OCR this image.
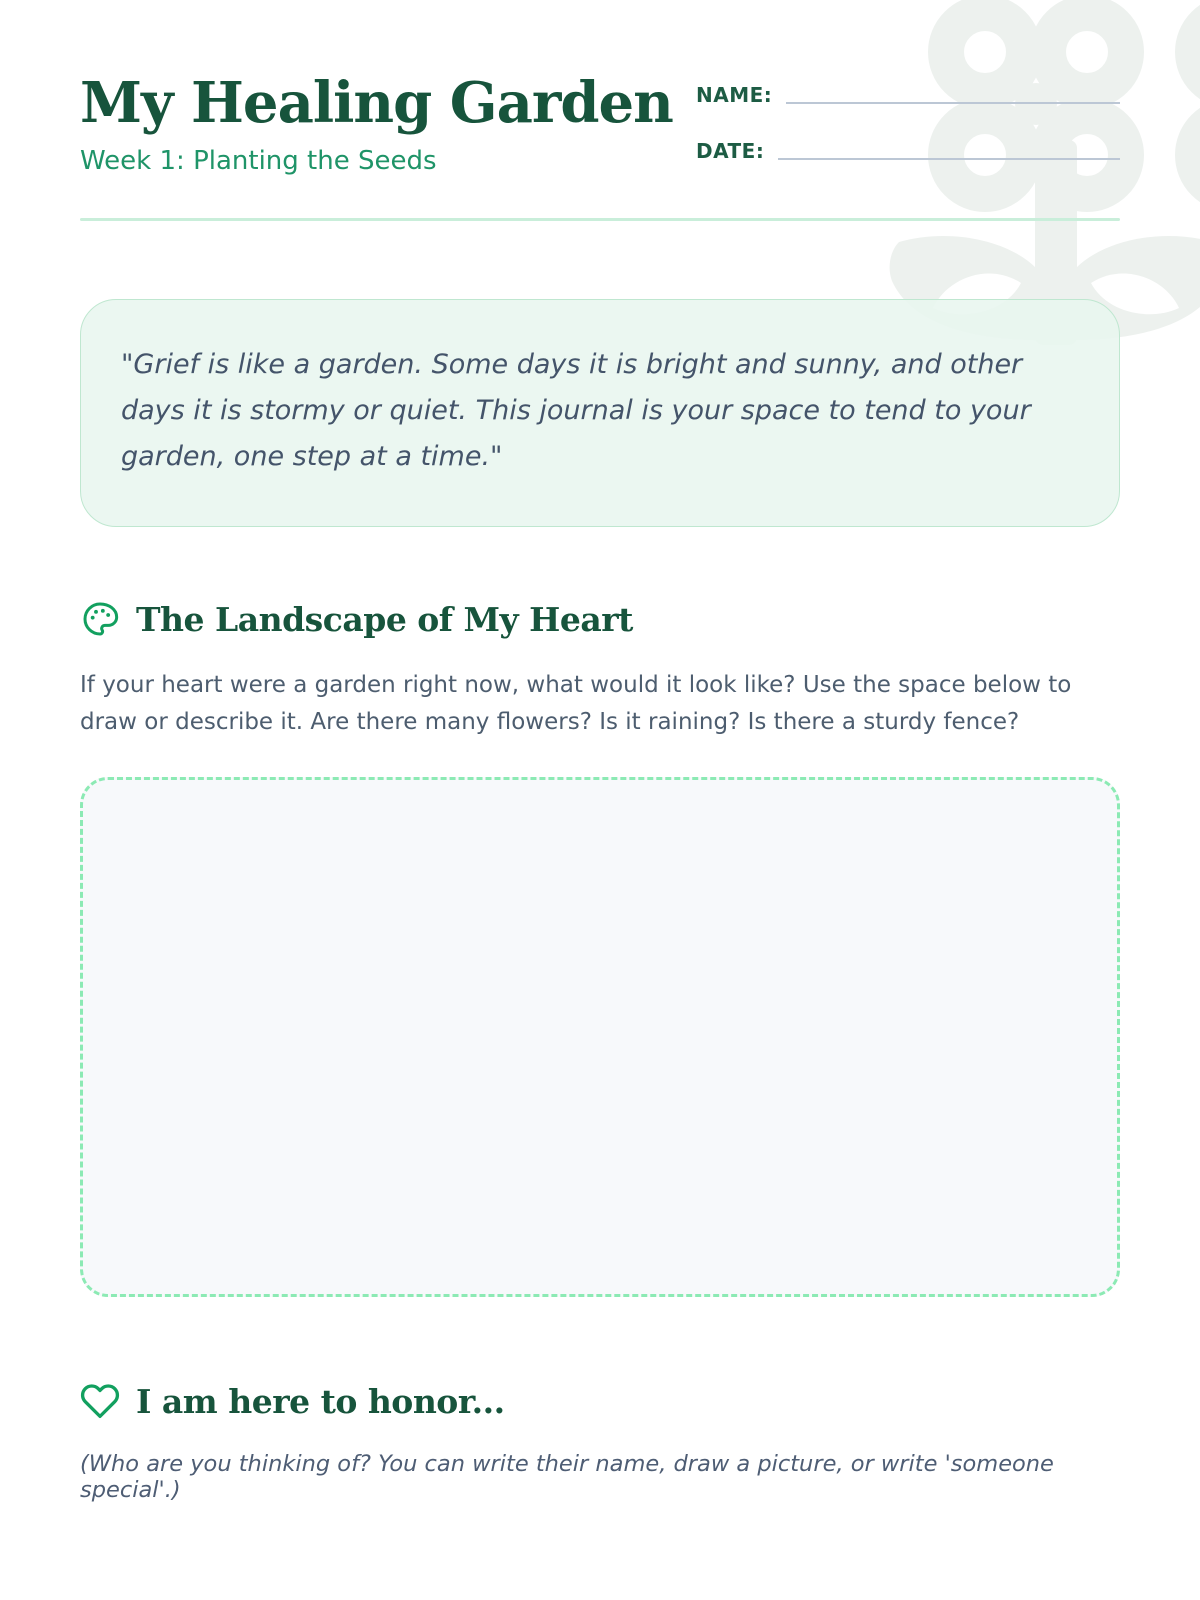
My Healing Garden
Week 1: Planting the Seeds
NAME:
DATE:
"Grief is like a garden. Some days it is bright and sunny, and other days it is stormy or quiet. This journal is your space to tend to your garden, one step at a time."
The Landscape of My Heart
If your heart were a garden right now, what would it look like? Use the space below to draw or describe it. Are there many flowers? Is it raining? Is there a sturdy fence?
I am here to honor...
(Who are you thinking of? You can write their name, draw a picture, or write 'someone special'.)
